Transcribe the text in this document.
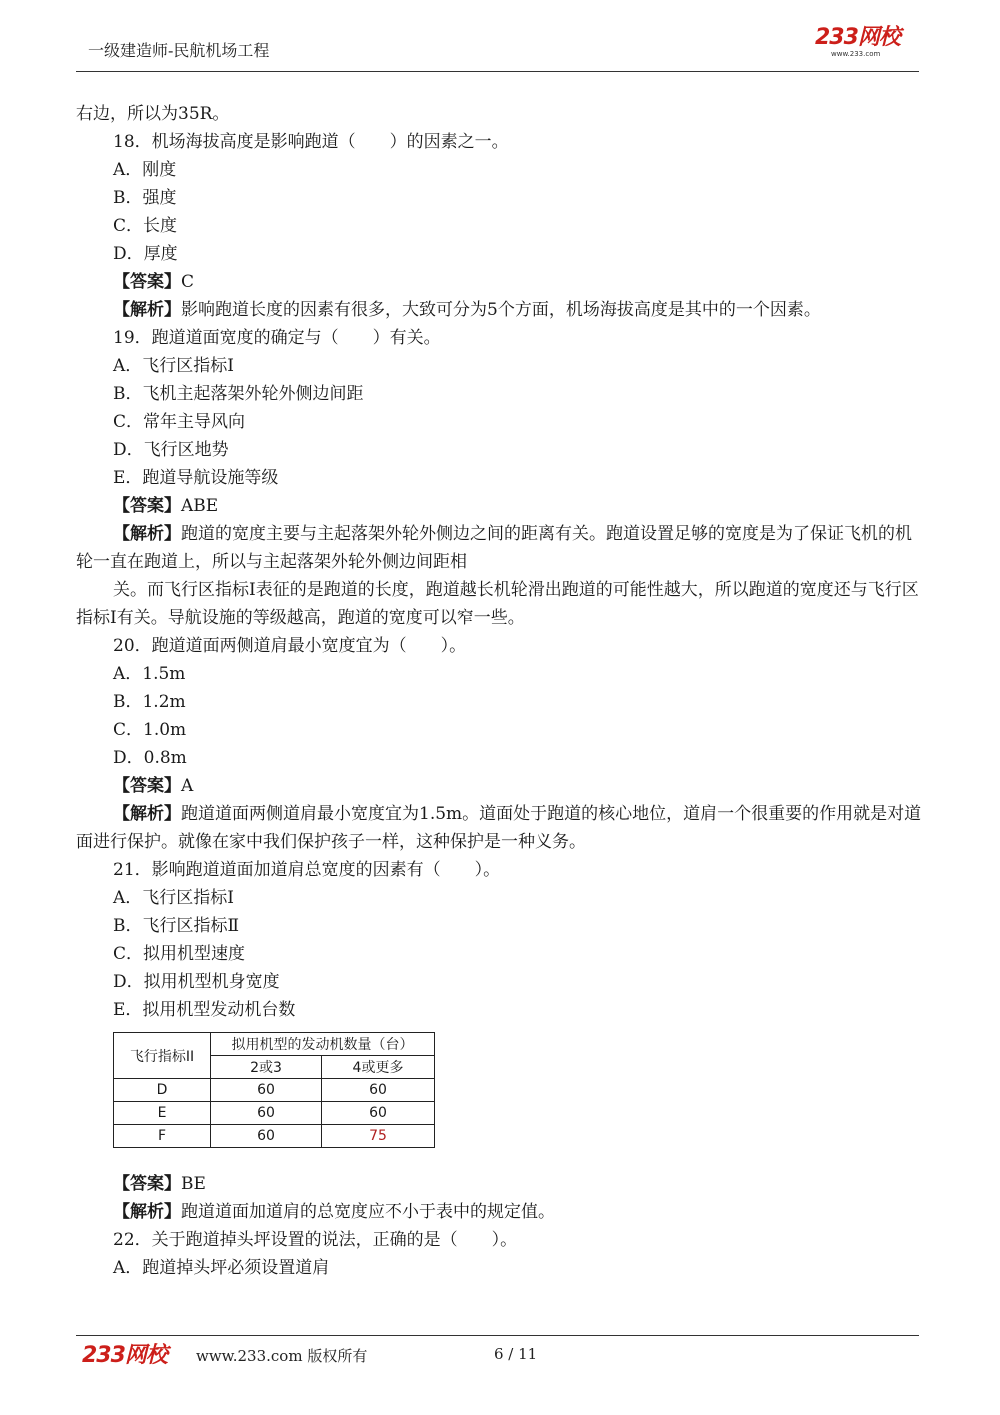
一级建造师-民航机场工程
233网校
www.233.com
右边，所以为35R。
18．机场海拔高度是影响跑道（　　）的因素之一。
A．刚度
B．强度
C．长度
D．厚度
【答案】C
【解析】影响跑道长度的因素有很多，大致可分为5个方面，机场海拔高度是其中的一个因素。
19．跑道道面宽度的确定与（　　）有关。
A．飞行区指标Ⅰ
B．飞机主起落架外轮外侧边间距
C．常年主导风向
D．飞行区地势
E．跑道导航设施等级
【答案】ABE
【解析】跑道的宽度主要与主起落架外轮外侧边之间的距离有关。跑道设置足够的宽度是为了保证飞机的机轮一直在跑道上，所以与主起落架外轮外侧边间距相
关。而飞行区指标Ⅰ表征的是跑道的长度，跑道越长机轮滑出跑道的可能性越大，所以跑道的宽度还与飞行区指标Ⅰ有关。导航设施的等级越高，跑道的宽度可以窄一些。
20．跑道道面两侧道肩最小宽度宜为（　　）。
A．1.5m
B．1.2m
C．1.0m
D．0.8m
【答案】A
【解析】跑道道面两侧道肩最小宽度宜为1.5m。道面处于跑道的核心地位，道肩一个很重要的作用就是对道面进行保护。就像在家中我们保护孩子一样，这种保护是一种义务。
21．影响跑道道面加道肩总宽度的因素有（　　）。
A．飞行区指标Ⅰ
B．飞行区指标Ⅱ
C．拟用机型速度
D．拟用机型机身宽度
E．拟用机型发动机台数
飞行指标II	拟用机型的发动机数量（台）	
	2或3	4或更多
D	60	60
E	60	60
F	60	75
【答案】BE
【解析】跑道道面加道肩的总宽度应不小于表中的规定值。
22．关于跑道掉头坪设置的说法，正确的是（　　）。
A．跑道掉头坪必须设置道肩
233网校 www.233.com 版权所有	6 / 11
